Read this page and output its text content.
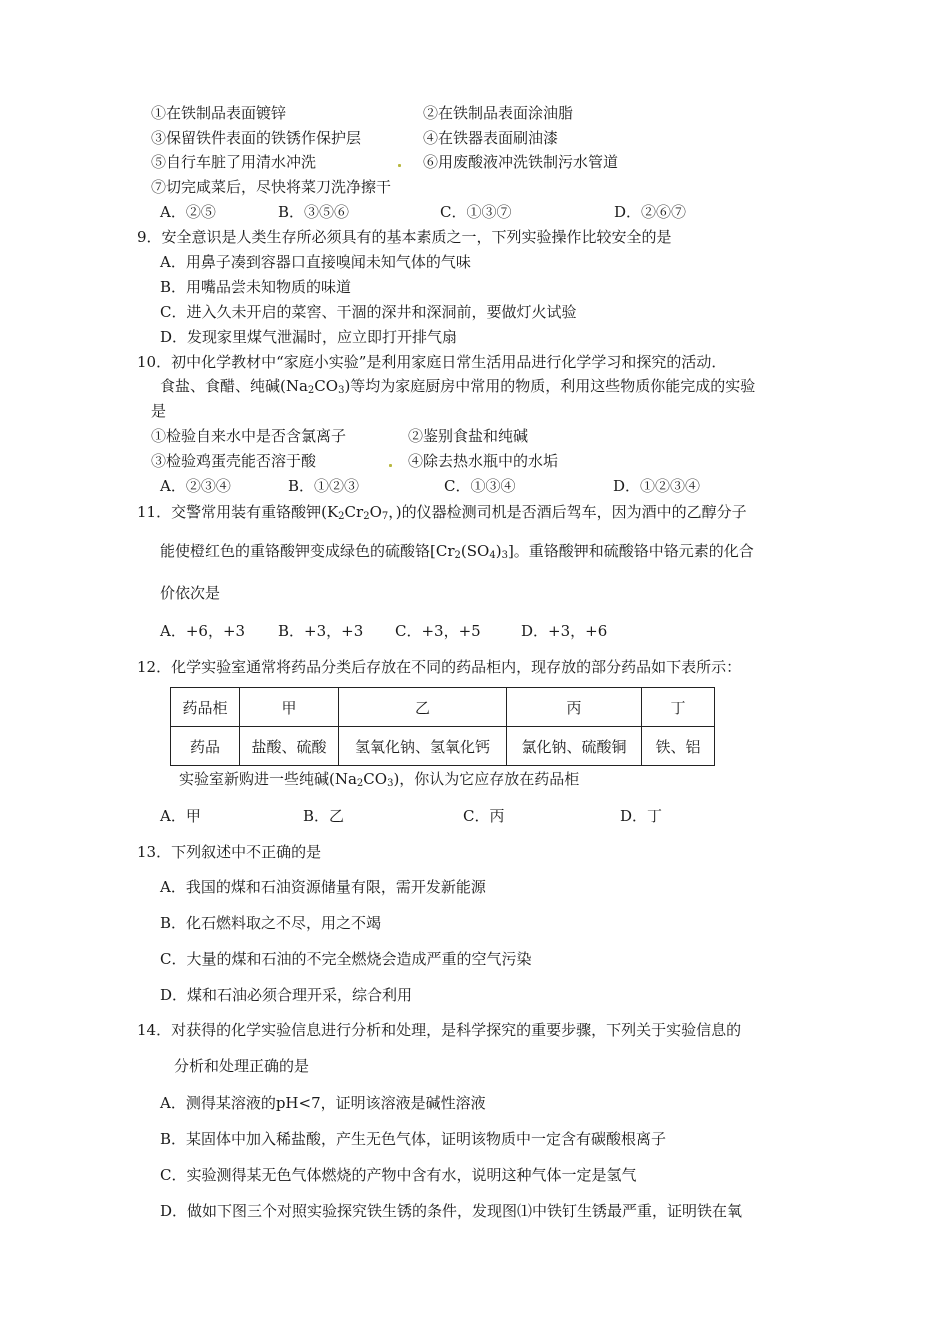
①在铁制品表面镀锌	②在铁制品表面涂油脂
③保留铁件表面的铁锈作保护层	④在铁器表面刷油漆
⑤自行车脏了用清水冲洗	⑥用废酸液冲洗铁制污水管道
⑦切完咸菜后，尽快将菜刀洗净擦干
A．②⑤	B．③⑤⑥	C．①③⑦	D．②⑥⑦
9．安全意识是人类生存所必须具有的基本素质之一，下列实验操作比较安全的是
A．用鼻子凑到容器口直接嗅闻未知气体的气味
B．用嘴品尝未知物质的味道
C．进入久未开启的菜窖、干涸的深井和深洞前，要做灯火试验
D．发现家里煤气泄漏时，应立即打开排气扇
10．初中化学教材中“家庭小实验”是利用家庭日常生活用品进行化学学习和探究的活动．
食盐、食醋、纯碱$(Na_2CO_3)$等均为家庭厨房中常用的物质，利用这些物质你能完成的实验
是
①检验自来水中是否含氯离子	②鉴别食盐和纯碱
③检验鸡蛋壳能否溶于酸	④除去热水瓶中的水垢
A．②③④	B．①②③	C．①③④	D．①②③④
11．交警常用装有重铬酸钾($K_2Cr_2O_7$，)的仪器检测司机是否酒后驾车，因为酒中的乙醇分子
能使橙红色的重铬酸钾变成绿色的硫酸铬$[Cr_2(SO_4)_3]$。重铬酸钾和硫酸铬中铬元素的化合
价依次是
A．+6，+3 B．+3，+3 C．+3，+5	D．+3，+6
12．化学实验室通常将药品分类后存放在不同的药品柜内，现存放的部分药品如下表所示：
药品柜	甲	乙	丙	丁
药品	盐酸、硫酸	氢氧化钠、氢氧化钙	氯化钠、硫酸铜	铁、铝
实验室新购进一些纯碱$(Na_2CO_3)$，你认为它应存放在药品柜
A．甲	B．乙	C．丙	D．丁
13．下列叙述中不正确的是
A．我国的煤和石油资源储量有限，需开发新能源
B．化石燃料取之不尽，用之不竭
C．大量的煤和石油的不完全燃烧会造成严重的空气污染
D．煤和石油必须合理开采，综合利用
14．对获得的化学实验信息进行分析和处理，是科学探究的重要步骤，下列关于实验信息的
分析和处理正确的是
A．测得某溶液的pH<7，证明该溶液是碱性溶液
B．某固体中加入稀盐酸，产生无色气体，证明该物质中一定含有碳酸根离子
C．实验测得某无色气体燃烧的产物中含有水，说明这种气体一定是氢气
D．做如下图三个对照实验探究铁生锈的条件，发现图⑴中铁钉生锈最严重，证明铁在氧
